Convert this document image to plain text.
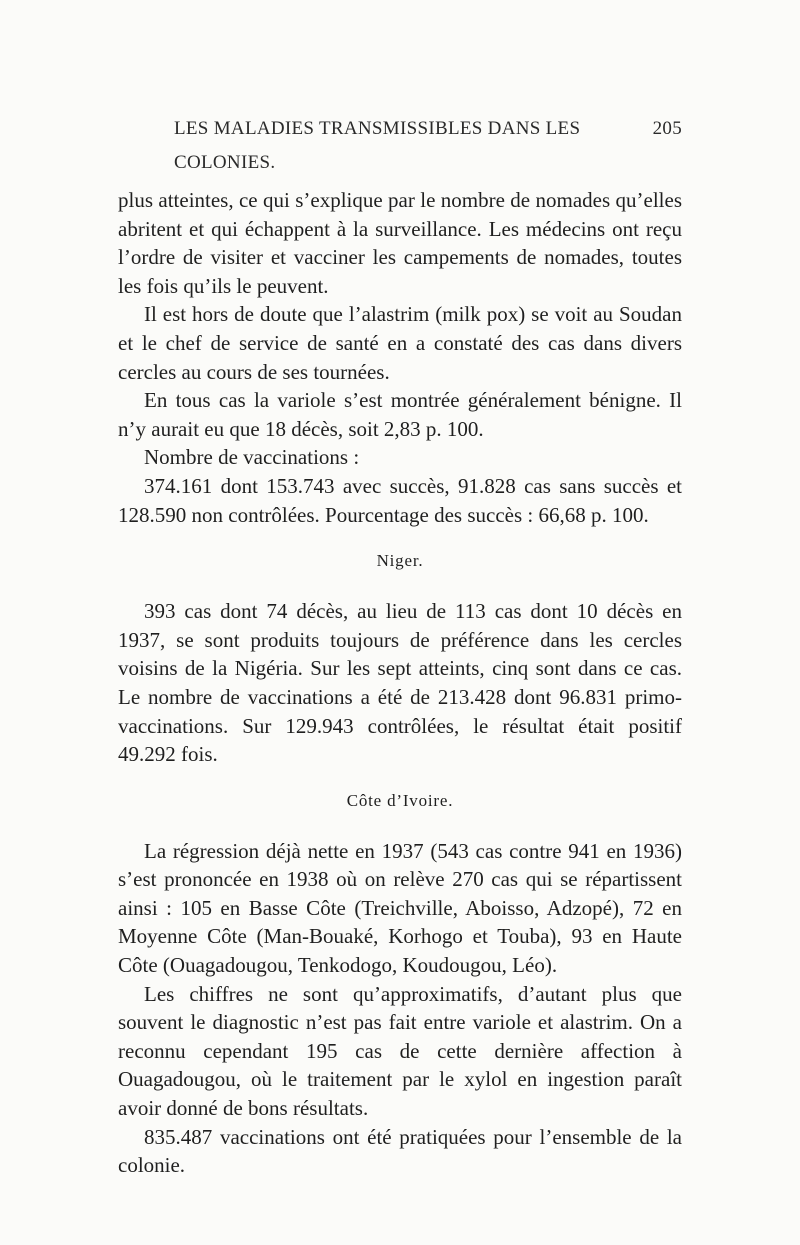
LES MALADIES TRANSMISSIBLES DANS LES COLONIES.
205

plus atteintes, ce qui s’explique par le nombre de nomades qu’elles abritent et qui échappent à la surveillance. Les médecins ont reçu l’ordre de visiter et vacciner les campements de nomades, toutes les fois qu’ils le peuvent.

Il est hors de doute que l’alastrim (milk pox) se voit au Soudan et le chef de service de santé en a constaté des cas dans divers cercles au cours de ses tournées.

En tous cas la variole s’est montrée généralement bénigne. Il n’y aurait eu que 18 décès, soit 2,83 p. 100.

Nombre de vaccinations :

374.161 dont 153.743 avec succès, 91.828 cas sans succès et 128.590 non contrôlées. Pourcentage des succès : 66,68 p. 100.

Niger.

393 cas dont 74 décès, au lieu de 113 cas dont 10 décès en 1937, se sont produits toujours de préférence dans les cercles voisins de la Nigéria. Sur les sept atteints, cinq sont dans ce cas. Le nombre de vaccinations a été de 213.428 dont 96.831 primo-vaccinations. Sur 129.943 contrôlées, le résultat était positif 49.292 fois.

Côte d’Ivoire.

La régression déjà nette en 1937 (543 cas contre 941 en 1936) s’est prononcée en 1938 où on relève 270 cas qui se répartissent ainsi : 105 en Basse Côte (Treichville, Aboisso, Adzopé), 72 en Moyenne Côte (Man-Bouaké, Korhogo et Touba), 93 en Haute Côte (Ouagadougou, Tenkodogo, Koudougou, Léo).

Les chiffres ne sont qu’approximatifs, d’autant plus que souvent le diagnostic n’est pas fait entre variole et alastrim. On a reconnu cependant 195 cas de cette dernière affection à Ouagadougou, où le traitement par le xylol en ingestion paraît avoir donné de bons résultats.

835.487 vaccinations ont été pratiquées pour l’ensemble de la colonie.
